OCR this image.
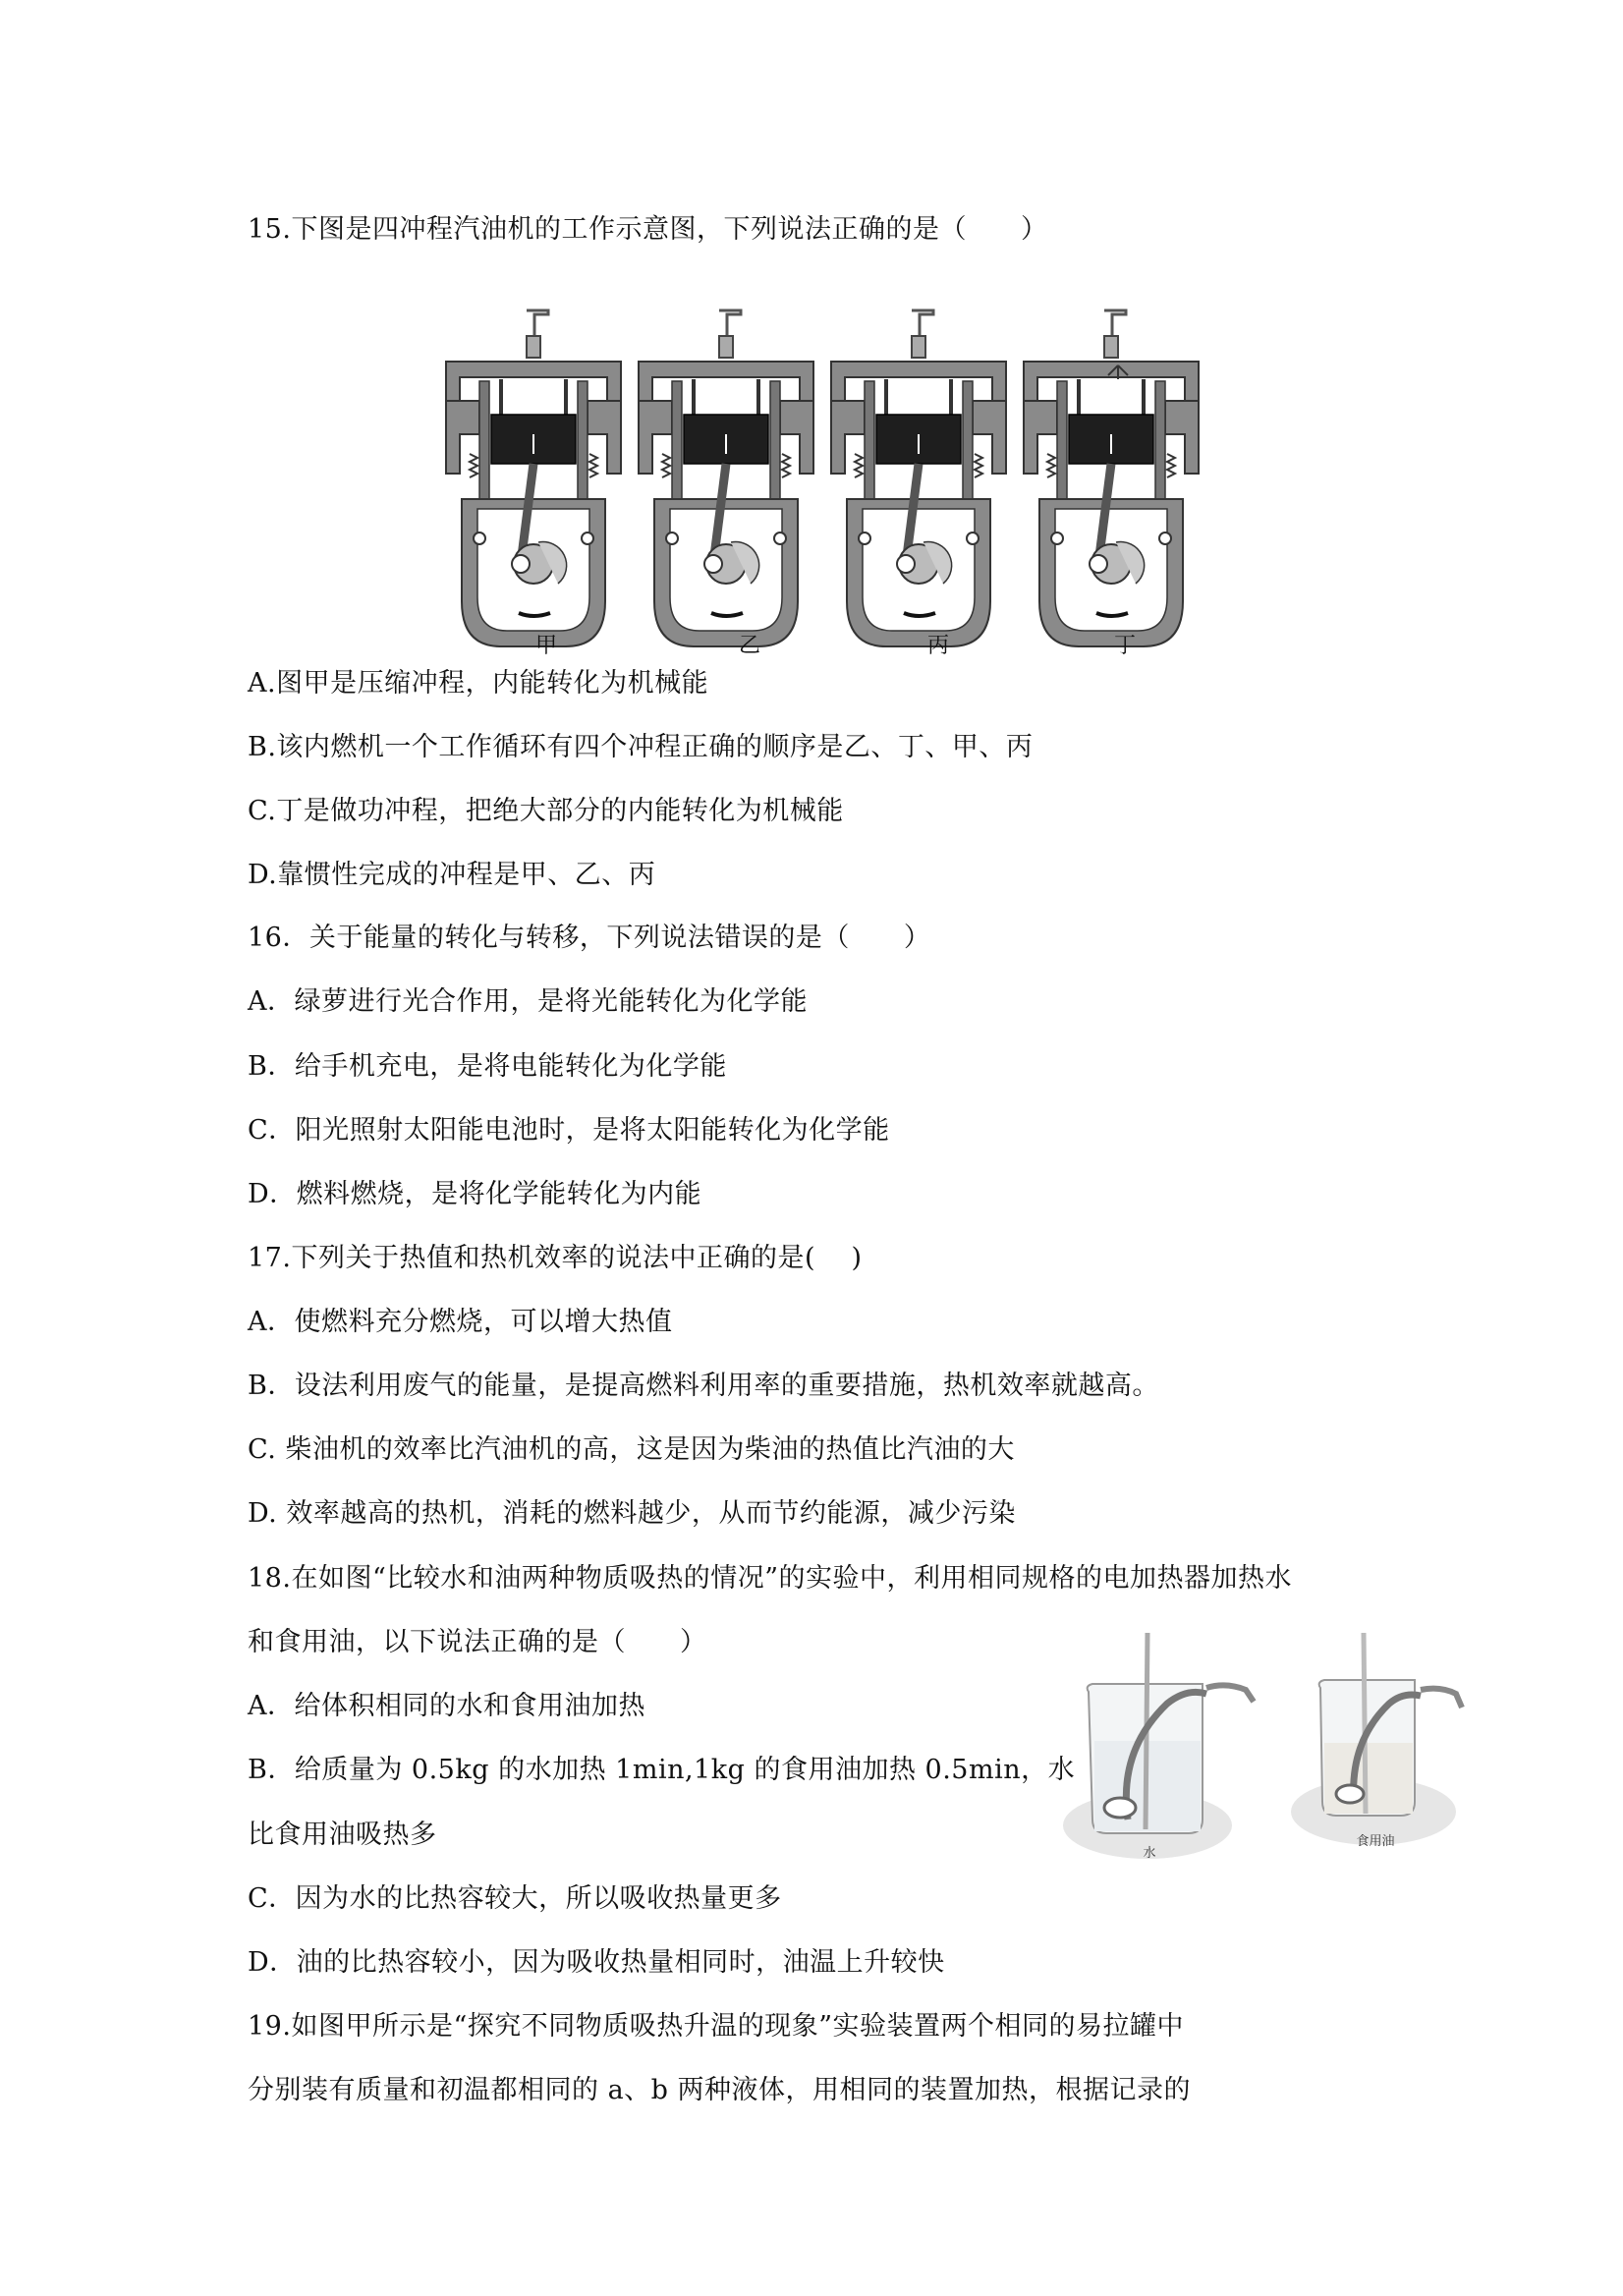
15.下图是四冲程汽油机的工作示意图，下列说法正确的是（　　）
甲	乙	丙	丁
A.图甲是压缩冲程，内能转化为机械能
B.该内燃机一个工作循环有四个冲程正确的顺序是乙、丁、甲、丙
C.丁是做功冲程，把绝大部分的内能转化为机械能
D.靠惯性完成的冲程是甲、乙、丙
16．关于能量的转化与转移，下列说法错误的是（　　）
A．绿萝进行光合作用，是将光能转化为化学能
B．给手机充电，是将电能转化为化学能
C．阳光照射太阳能电池时，是将太阳能转化为化学能
D．燃料燃烧，是将化学能转化为内能
17.下列关于热值和热机效率的说法中正确的是(　 )
A．使燃料充分燃烧，可以增大热值
B．设法利用废气的能量，是提高燃料利用率的重要措施，热机效率就越高。
C. 柴油机的效率比汽油机的高，这是因为柴油的热值比汽油的大
D. 效率越高的热机，消耗的燃料越少，从而节约能源，减少污染
18.在如图“比较水和油两种物质吸热的情况”的实验中，利用相同规格的电加热器加热水
和食用油，以下说法正确的是（　　）
A．给体积相同的水和食用油加热
B．给质量为 0.5kg 的水加热 1min,1kg 的食用油加热 0.5min，水
比食用油吸热多
C．因为水的比热容较大，所以吸收热量更多
D．油的比热容较小，因为吸收热量相同时，油温上升较快
水
食用油
19.如图甲所示是“探究不同物质吸热升温的现象”实验装置两个相同的易拉罐中
分别装有质量和初温都相同的 a、b 两种液体，用相同的装置加热，根据记录的
